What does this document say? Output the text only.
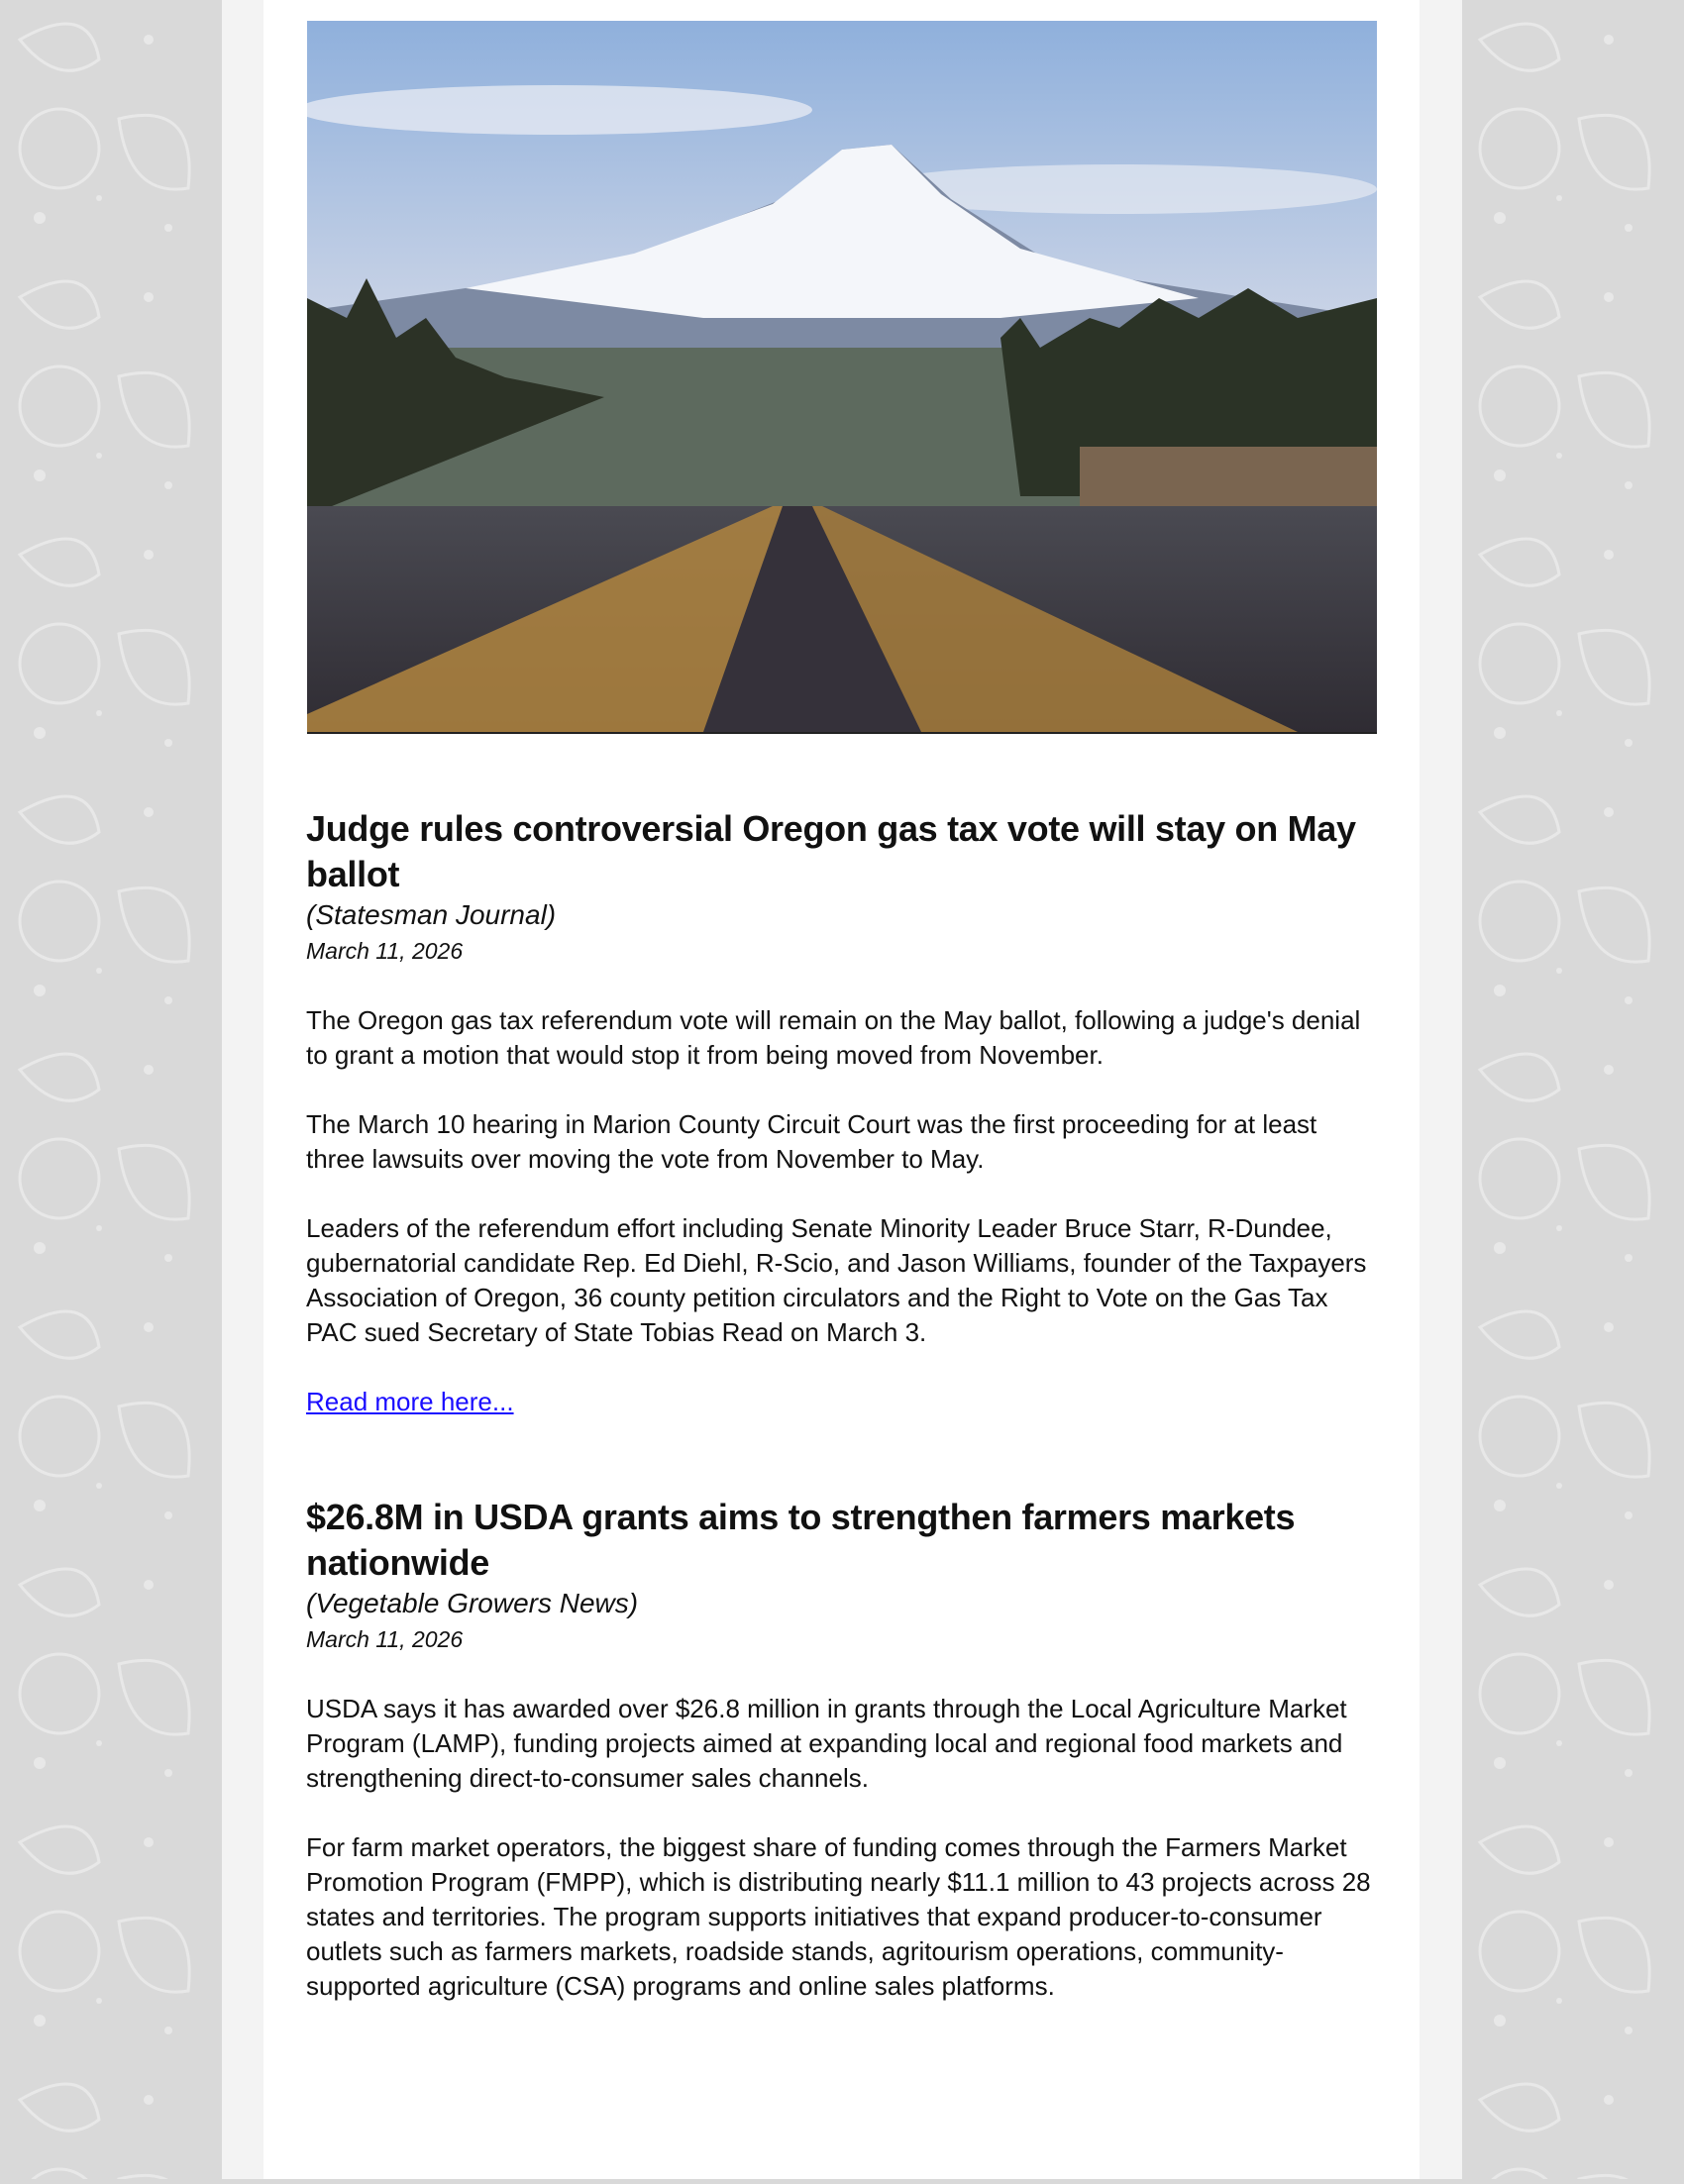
Judge rules controversial Oregon gas tax vote will stay on May ballot
(Statesman Journal)
March 11, 2026

The Oregon gas tax referendum vote will remain on the May ballot, following a judge's denial to grant a motion that would stop it from being moved from November.

The March 10 hearing in Marion County Circuit Court was the first proceeding for at least three lawsuits over moving the vote from November to May.

Leaders of the referendum effort including Senate Minority Leader Bruce Starr, R-Dundee, gubernatorial candidate Rep. Ed Diehl, R-Scio, and Jason Williams, founder of the Taxpayers Association of Oregon, 36 county petition circulators and the Right to Vote on the Gas Tax PAC sued Secretary of State Tobias Read on March 3.

Read more here...

$26.8M in USDA grants aims to strengthen farmers markets nationwide
(Vegetable Growers News)
March 11, 2026

USDA says it has awarded over $26.8 million in grants through the Local Agriculture Market Program (LAMP), funding projects aimed at expanding local and regional food markets and strengthening direct-to-consumer sales channels.

For farm market operators, the biggest share of funding comes through the Farmers Market Promotion Program (FMPP), which is distributing nearly $11.1 million to 43 projects across 28 states and territories. The program supports initiatives that expand producer-to-consumer outlets such as farmers markets, roadside stands, agritourism operations, community-supported agriculture (CSA) programs and online sales platforms.
